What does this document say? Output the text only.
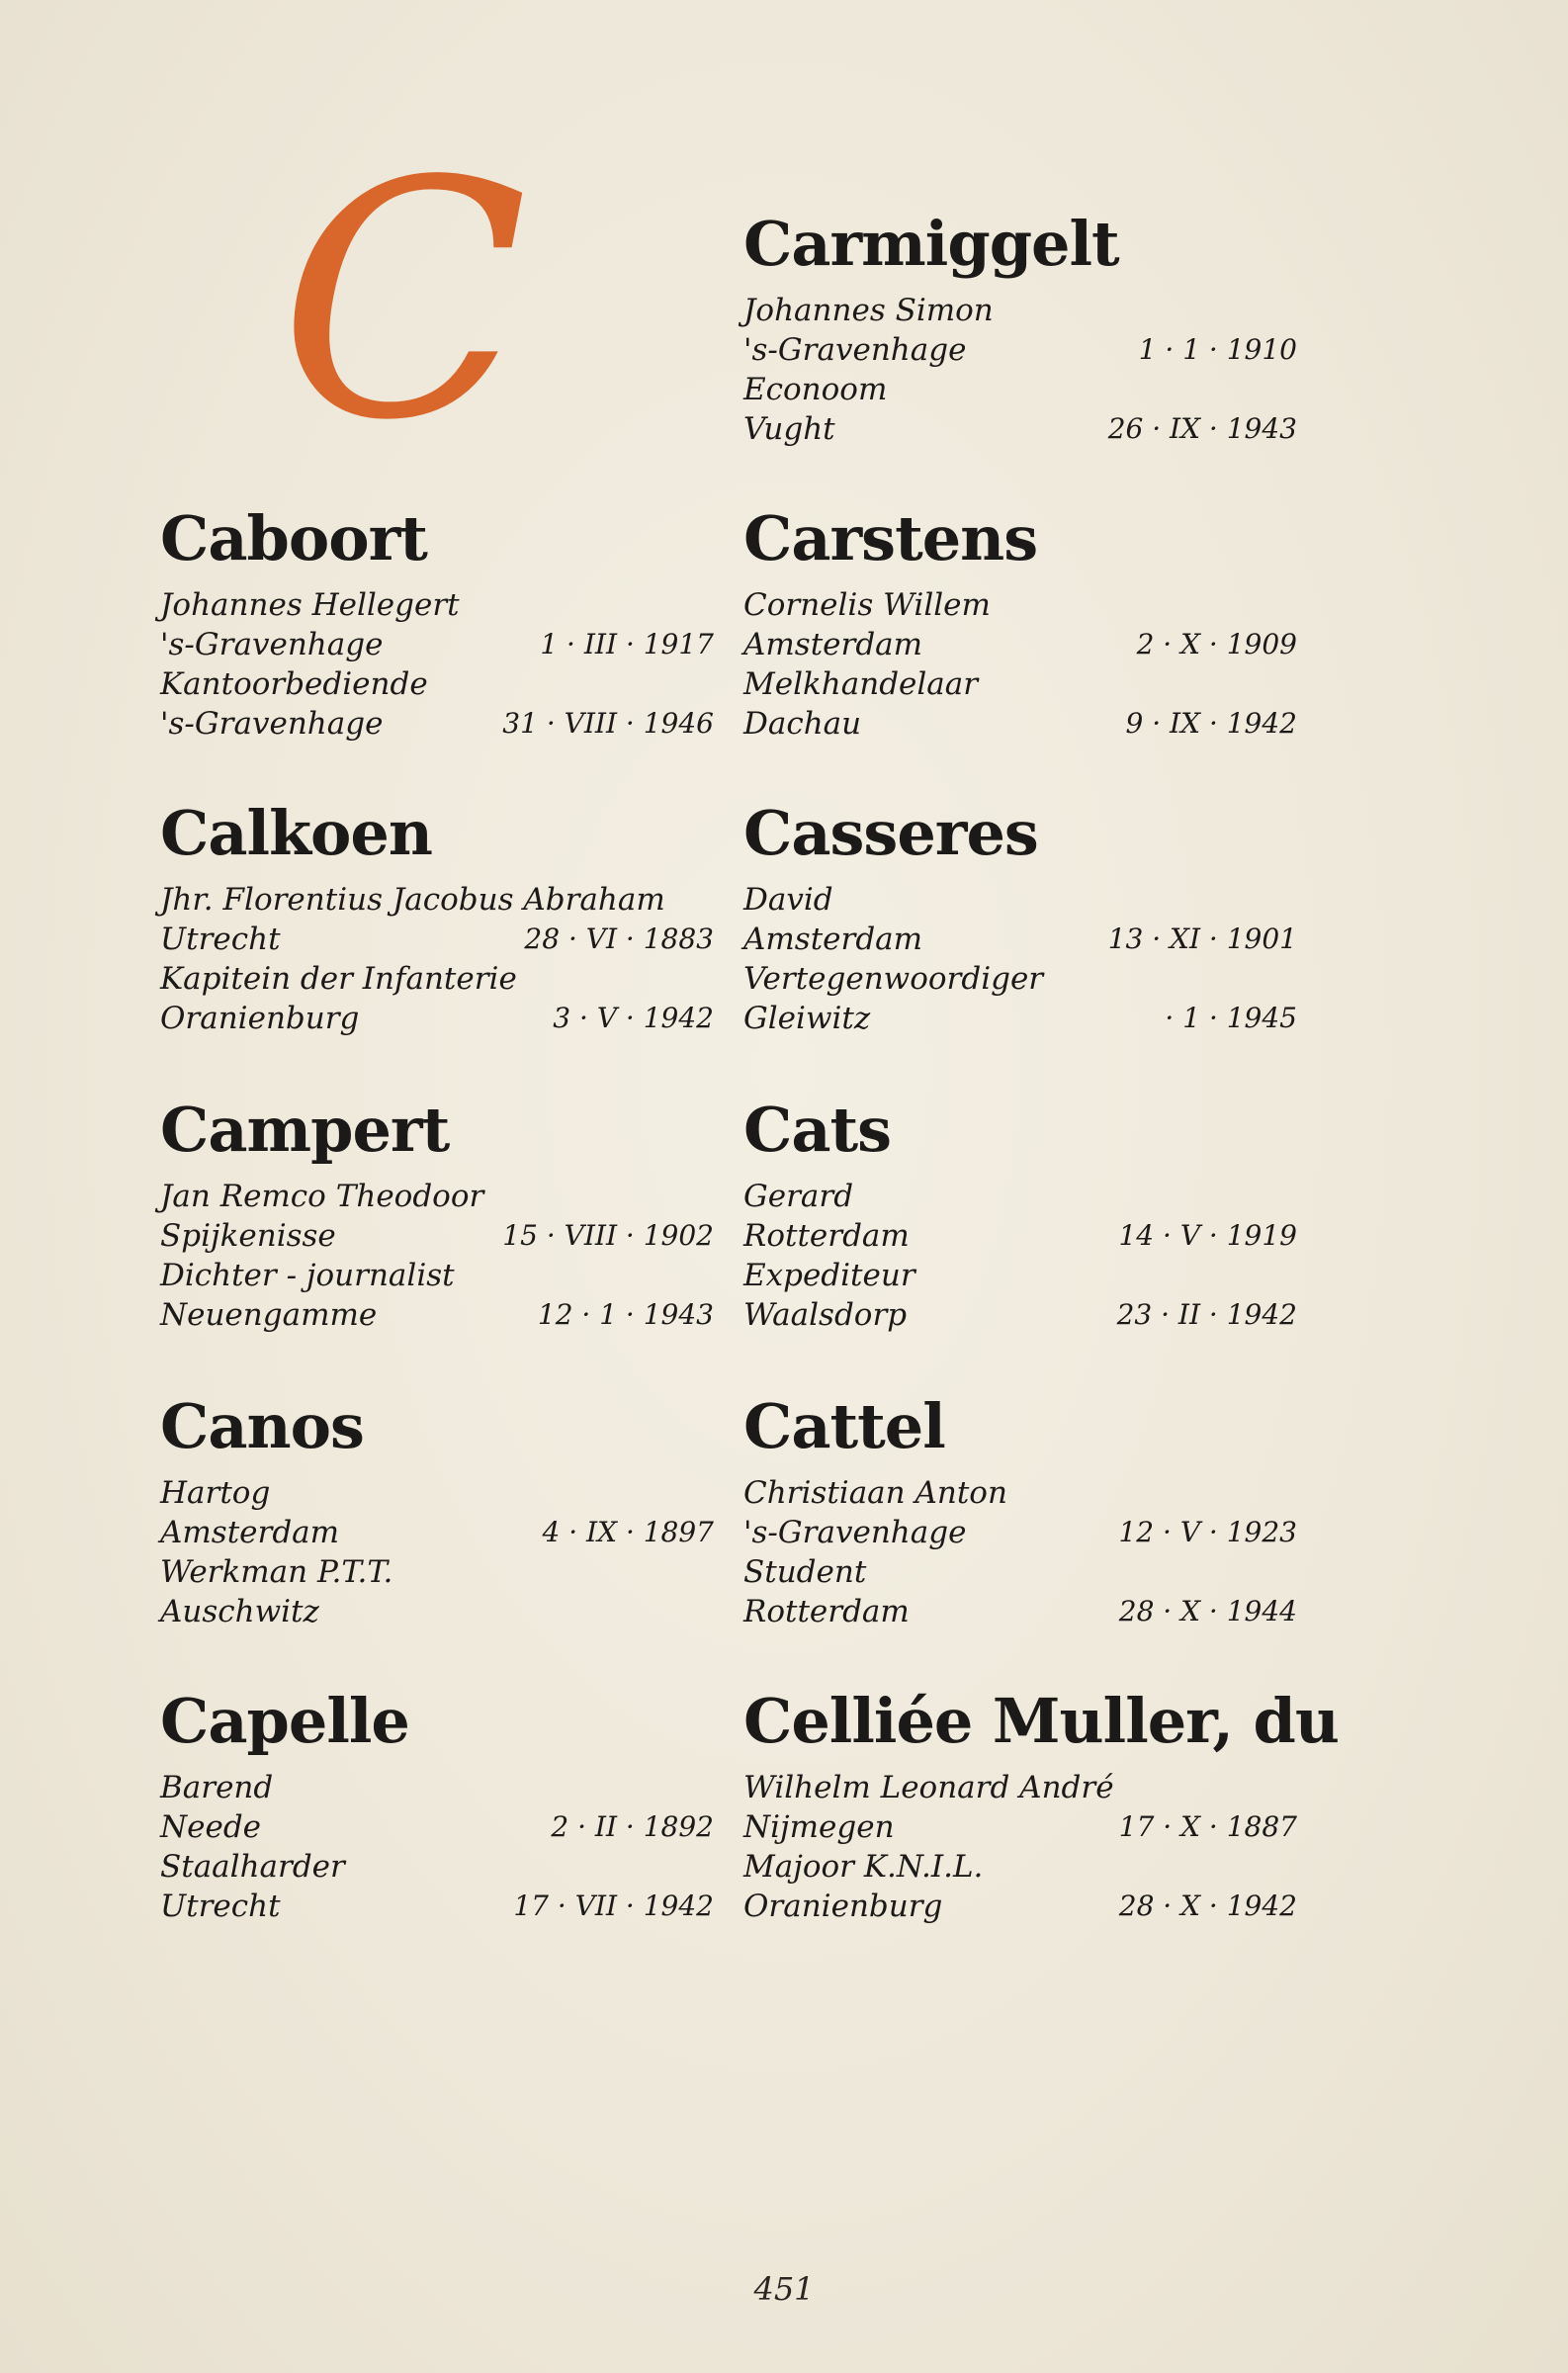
C
Caboort
Johannes Hellegert
's-Gravenhage	1 · III · 1917
Kantoorbediende
's-Gravenhage	31 · VIII · 1946
Calkoen
Jhr. Florentius Jacobus Abraham
Utrecht	28 · VI · 1883
Kapitein der Infanterie
Oranienburg	3 · V · 1942
Campert
Jan Remco Theodoor
Spijkenisse	15 · VIII · 1902
Dichter - journalist
Neuengamme	12 · 1 · 1943
Canos
Hartog
Amsterdam	4 · IX · 1897
Werkman P.T.T.
Auschwitz
Capelle
Barend
Neede	2 · II · 1892
Staalharder
Utrecht	17 · VII · 1942
Carmiggelt
Johannes Simon
's-Gravenhage	1 · 1 · 1910
Econoom
Vught	26 · IX · 1943
Carstens
Cornelis Willem
Amsterdam	2 · X · 1909
Melkhandelaar
Dachau	9 · IX · 1942
Casseres
David
Amsterdam	13 · XI · 1901
Vertegenwoordiger
Gleiwitz	· 1 · 1945
Cats
Gerard
Rotterdam	14 · V · 1919
Expediteur
Waalsdorp	23 · II · 1942
Cattel
Christiaan Anton
's-Gravenhage	12 · V · 1923
Student
Rotterdam	28 · X · 1944
Celliée Muller, du
Wilhelm Leonard André
Nijmegen	17 · X · 1887
Majoor K.N.I.L.
Oranienburg	28 · X · 1942
451
